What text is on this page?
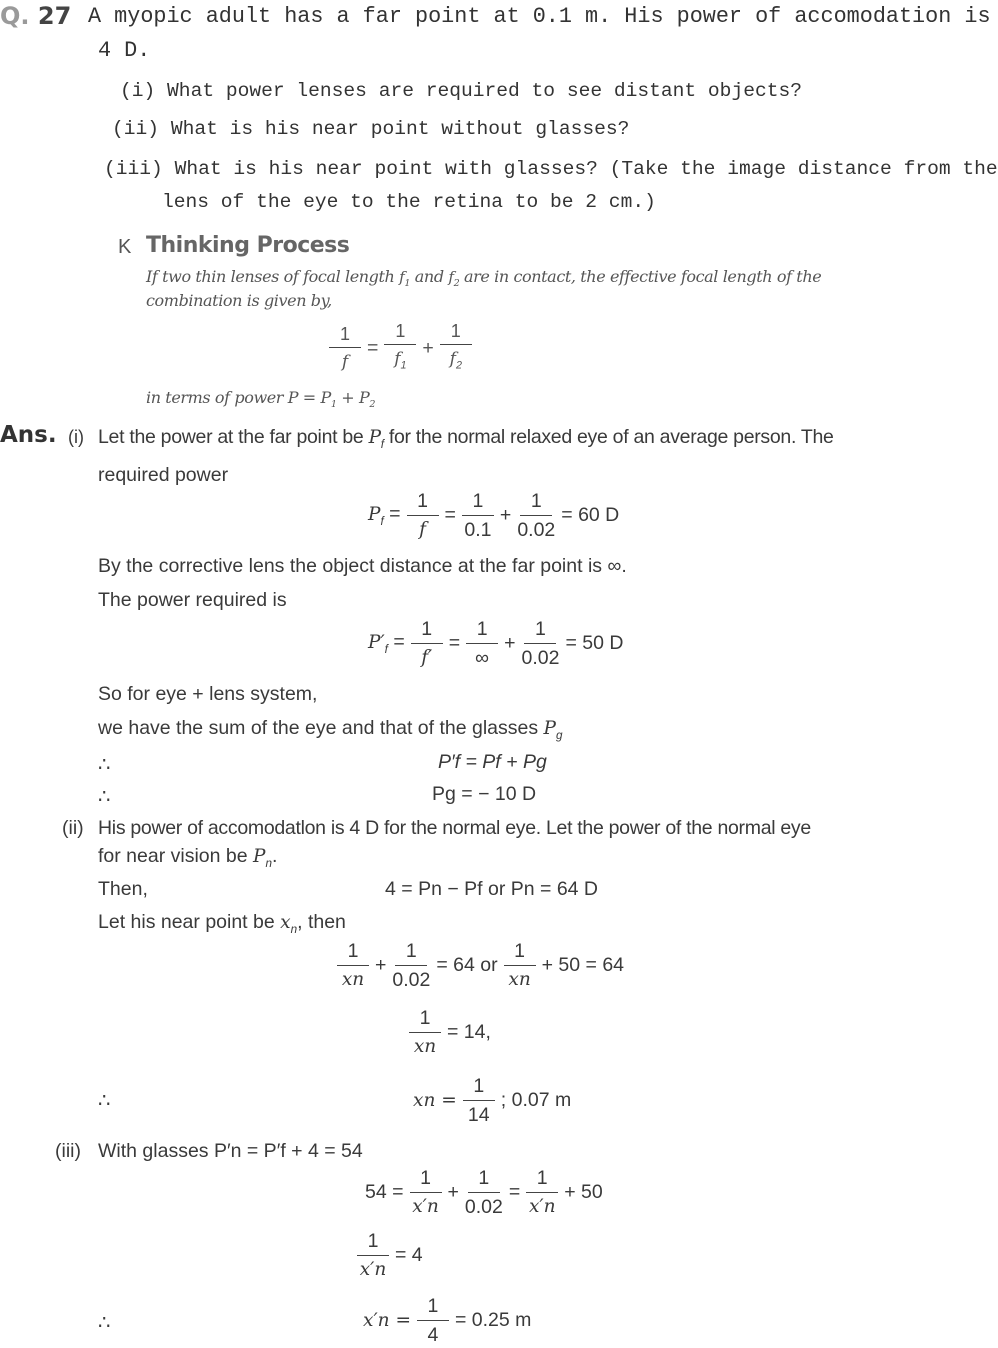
Q. 27 A myopic adult has a far point at 0.1 m. His power of accomodation is
4 D.
(i) What power lenses are required to see distant objects?
(ii) What is his near point without glasses?
(iii) What is his near point with glasses? (Take the image distance from the
lens of the eye to the retina to be 2 cm.)
K Thinking Process
If two thin lenses of focal length $f_1$ and $f_2$ are in contact, the effective focal length of the
combination is given by,
$\frac{1}{f} = \frac{1}{f_1} + \frac{1}{f_2}$
in terms of power $P = P_1 + P_2$
Ans. (i) Let the power at the far point be $P_f$ for the normal relaxed eye of an average person. The
required power
$P_f = \frac{1}{f} = \frac{1}{0.1} + \frac{1}{0.02} = 60$ D
By the corrective lens the object distance at the far point is ∞.
The power required is
$P'_f = \frac{1}{f'} = \frac{1}{\infty} + \frac{1}{0.02} = 50$ D
So for eye + lens system,
we have the sum of the eye and that of the glasses $P_g$
∴	P′f = Pf + Pg
∴	Pg = − 10 D
(ii) His power of accomodatlon is 4 D for the normal eye. Let the power of the normal eye
for near vision be $P_n$.
Then,	4 = Pn − Pf or Pn = 64 D
Let his near point be $x_n$, then
$\frac{1}{xn} + \frac{1}{0.02} = 64$ or $\frac{1}{xn} + 50 = 64$
$\frac{1}{xn} = 14$,
∴	xn = $\frac{1}{14}$ ; 0.07 m
(iii) With glasses P′n = P′f + 4 = 54
$54 = \frac{1}{x'n} + \frac{1}{0.02} = \frac{1}{x'n} + 50$
$\frac{1}{x'n} = 4$
∴	$x'n = \frac{1}{4} = 0.25$ m
